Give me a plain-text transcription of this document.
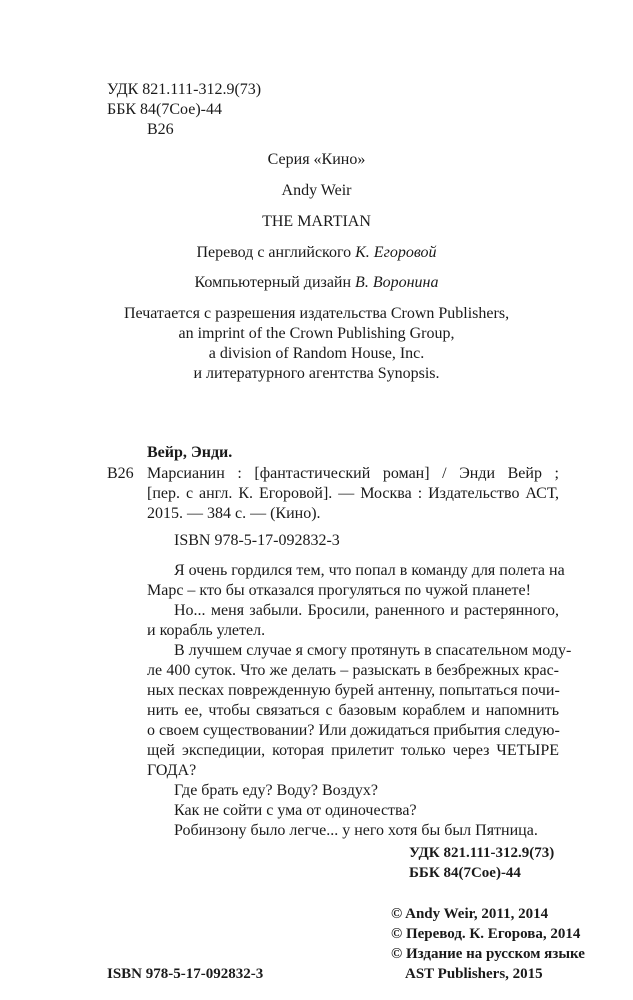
УДК 821.111-312.9(73)
ББК 84(7Сое)-44
В26
Серия «Кино»
Andy Weir
THE MARTIAN
Перевод с английского К. Егоровой
Компьютерный дизайн В. Воронина
Печатается с разрешения издательства Crown Publishers,
an imprint of the Crown Publishing Group,
a division of Random House, Inc.
и литературного агентства Synopsis.
Вейр, Энди.
В26 Марсианин : [фантастический роман] / Энди Вейр ;
[пер. с англ. К. Егоровой]. — Москва : Издательство АСТ,
2015. — 384 с. — (Кино).
ISBN 978-5-17-092832-3
Я очень гордился тем, что попал в команду для полета на
Марс – кто бы отказался прогуляться по чужой планете!
Но... меня забыли. Бросили, раненного и растерянного,
и корабль улетел.
В лучшем случае я смогу протянуть в спасательном моду-
ле 400 суток. Что же делать – разыскать в безбрежных крас-
ных песках поврежденную бурей антенну, попытаться почи-
нить ее, чтобы связаться с базовым кораблем и напомнить
о своем существовании? Или дожидаться прибытия следую-
щей экспедиции, которая прилетит только через ЧЕТЫРЕ
ГОДА?
Где брать еду? Воду? Воздух?
Как не сойти с ума от одиночества?
Робинзону было легче... у него хотя бы был Пятница.
УДК 821.111-312.9(73)
ББК 84(7Сое)-44
© Andy Weir, 2011, 2014
© Перевод. К. Егорова, 2014
© Издание на русском языке
AST Publishers, 2015
ISBN 978-5-17-092832-3
